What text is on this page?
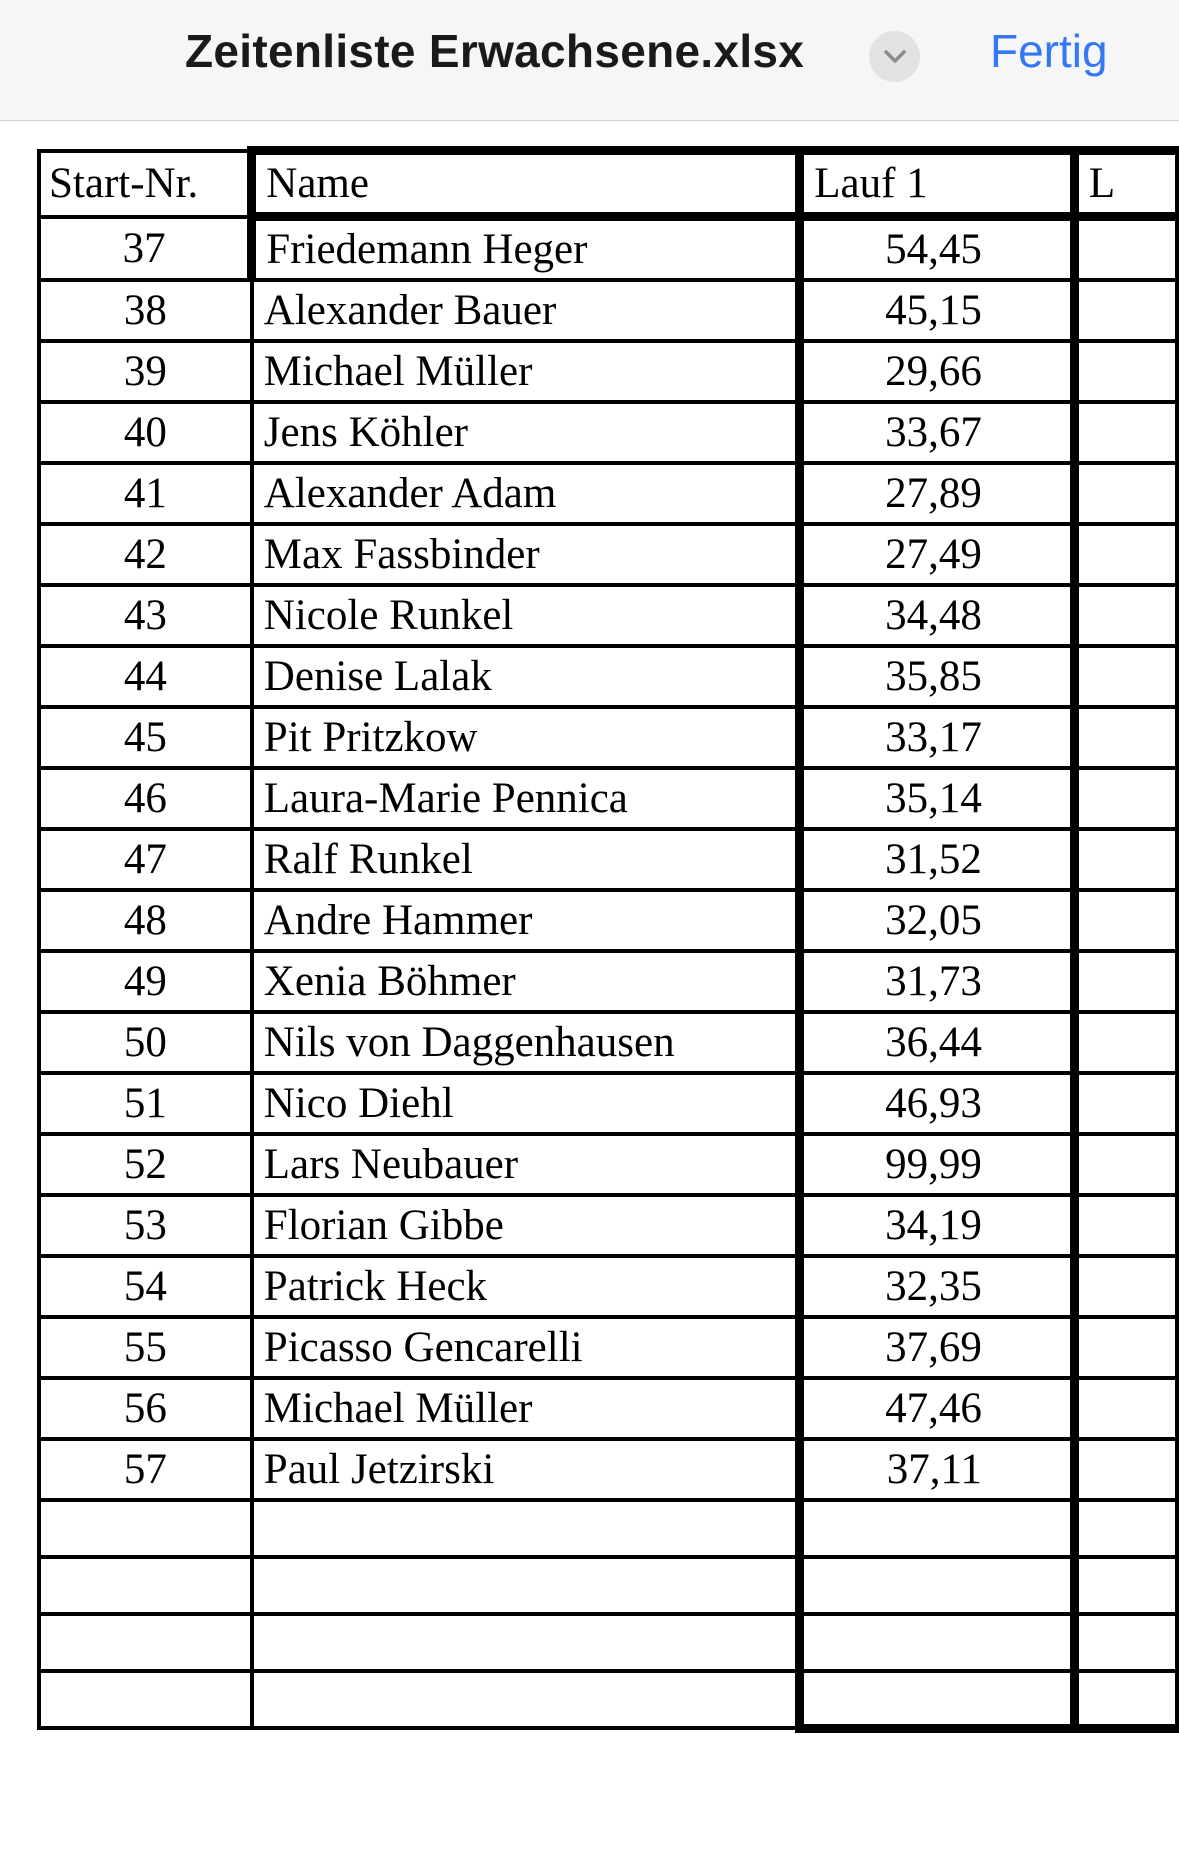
Zeitenliste Erwachsene.xlsx	Fertig
Start-Nr.	Name	Lauf 1	L
37	Friedemann Heger	54,45	
38	Alexander Bauer	45,15	
39	Michael Müller	29,66	
40	Jens Köhler	33,67	
41	Alexander Adam	27,89	
42	Max Fassbinder	27,49	
43	Nicole Runkel	34,48	
44	Denise Lalak	35,85	
45	Pit Pritzkow	33,17	
46	Laura-Marie Pennica	35,14	
47	Ralf Runkel	31,52	
48	Andre Hammer	32,05	
49	Xenia Böhmer	31,73	
50	Nils von Daggenhausen	36,44	
51	Nico Diehl	46,93	
52	Lars Neubauer	99,99	
53	Florian Gibbe	34,19	
54	Patrick Heck	32,35	
55	Picasso Gencarelli	37,69	
56	Michael Müller	47,46	
57	Paul Jetzirski	37,11	
